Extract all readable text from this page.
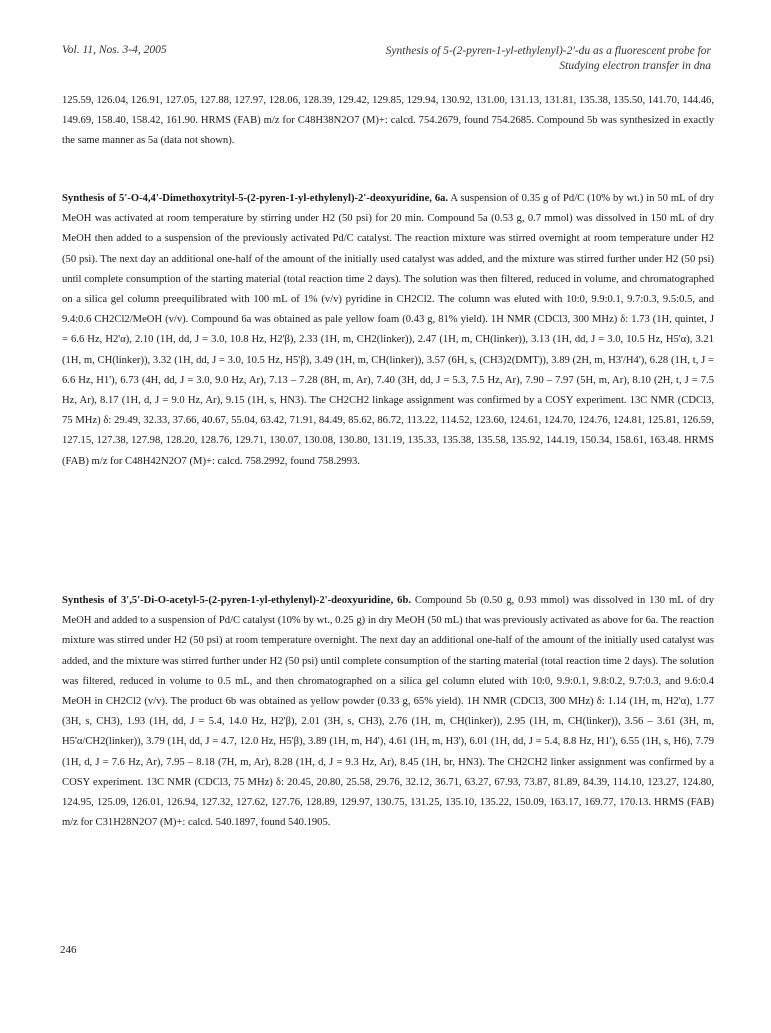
Vol. 11, Nos. 3-4, 2005	Synthesis of 5-(2-pyren-1-yl-ethylenyl)-2'-du as a fluorescent probe for
Studying electron transfer in dna

125.59, 126.04, 126.91, 127.05, 127.88, 127.97, 128.06, 128.39, 129.42, 129.85, 129.94, 130.92, 131.00, 131.13, 131.81, 135.38, 135.50, 141.70, 144.46, 149.69, 158.40, 158.42, 161.90. HRMS (FAB) m/z for C48H38N2O7 (M)+: calcd. 754.2679, found 754.2685. Compound 5b was synthesized in exactly the same manner as 5a (data not shown).

Synthesis of 5'-O-4,4'-Dimethoxytrityl-5-(2-pyren-1-yl-ethylenyl)-2'-deoxyuridine, 6a. A suspension of 0.35 g of Pd/C (10% by wt.) in 50 mL of dry MeOH was activated at room temperature by stirring under H2 (50 psi) for 20 min. Compound 5a (0.53 g, 0.7 mmol) was dissolved in 150 mL of dry MeOH then added to a suspension of the previously activated Pd/C catalyst. The reaction mixture was stirred overnight at room temperature under H2 (50 psi). The next day an additional one-half of the amount of the initially used catalyst was added, and the mixture was stirred further under H2 (50 psi) until complete consumption of the starting material (total reaction time 2 days). The solution was then filtered, reduced in volume, and chromatographed on a silica gel column preequilibrated with 100 mL of 1% (v/v) pyridine in CH2Cl2. The column was eluted with 10:0, 9.9:0.1, 9.7:0.3, 9.5:0.5, and 9.4:0.6 CH2Cl2/MeOH (v/v). Compound 6a was obtained as pale yellow foam (0.43 g, 81% yield). 1H NMR (CDCl3, 300 MHz) δ: 1.73 (1H, quintet, J = 6.6 Hz, H2'α), 2.10 (1H, dd, J = 3.0, 10.8 Hz, H2'β), 2.33 (1H, m, CH2(linker)), 2.47 (1H, m, CH(linker)), 3.13 (1H, dd, J = 3.0, 10.5 Hz, H5'α), 3.21 (1H, m, CH(linker)), 3.32 (1H, dd, J = 3.0, 10.5 Hz, H5'β), 3.49 (1H, m, CH(linker)), 3.57 (6H, s, (CH3)2(DMT)), 3.89 (2H, m, H3'/H4'), 6.28 (1H, t, J = 6.6 Hz, H1'), 6.73 (4H, dd, J = 3.0, 9.0 Hz, Ar), 7.13 – 7.28 (8H, m, Ar), 7.40 (3H, dd, J = 5.3, 7.5 Hz, Ar), 7.90 – 7.97 (5H, m, Ar), 8.10 (2H, t, J = 7.5 Hz, Ar), 8.17 (1H, d, J = 9.0 Hz, Ar), 9.15 (1H, s, HN3). The CH2CH2 linkage assignment was confirmed by a COSY experiment. 13C NMR (CDCl3, 75 MHz) δ: 29.49, 32.33, 37.66, 40.67, 55.04, 63.42, 71.91, 84.49, 85.62, 86.72, 113.22, 114.52, 123.60, 124.61, 124.70, 124.76, 124.81, 125.81, 126.59, 127.15, 127.38, 127.98, 128.20, 128.76, 129.71, 130.07, 130.08, 130.80, 131.19, 135.33, 135.38, 135.58, 135.92, 144.19, 150.34, 158.61, 163.48. HRMS (FAB) m/z for C48H42N2O7 (M)+: calcd. 758.2992, found 758.2993.

Synthesis of 3',5'-Di-O-acetyl-5-(2-pyren-1-yl-ethylenyl)-2'-deoxyuridine, 6b. Compound 5b (0.50 g, 0.93 mmol) was dissolved in 130 mL of dry MeOH and added to a suspension of Pd/C catalyst (10% by wt., 0.25 g) in dry MeOH (50 mL) that was previously activated as above for 6a. The reaction mixture was stirred under H2 (50 psi) at room temperature overnight. The next day an additional one-half of the amount of the initially used catalyst was added, and the mixture was stirred further under H2 (50 psi) until complete consumption of the starting material (total reaction time 2 days). The solution was filtered, reduced in volume to 0.5 mL, and then chromatographed on a silica gel column eluted with 10:0, 9.9:0.1, 9.8:0.2, 9.7:0.3, and 9.6:0.4 MeOH in CH2Cl2 (v/v). The product 6b was obtained as yellow powder (0.33 g, 65% yield). 1H NMR (CDCl3, 300 MHz) δ: 1.14 (1H, m, H2'α), 1.77 (3H, s, CH3), 1.93 (1H, dd, J = 5.4, 14.0 Hz, H2'β), 2.01 (3H, s, CH3), 2.76 (1H, m, CH(linker)), 2.95 (1H, m, CH(linker)), 3.56 – 3.61 (3H, m, H5'α/CH2(linker)), 3.79 (1H, dd, J = 4.7, 12.0 Hz, H5'β), 3.89 (1H, m, H4'), 4.61 (1H, m, H3'), 6.01 (1H, dd, J = 5.4, 8.8 Hz, H1'), 6.55 (1H, s, H6), 7.79 (1H, d, J = 7.6 Hz, Ar), 7.95 – 8.18 (7H, m, Ar), 8.28 (1H, d, J = 9.3 Hz, Ar), 8.45 (1H, br, HN3). The CH2CH2 linker assignment was confirmed by a COSY experiment. 13C NMR (CDCl3, 75 MHz) δ: 20.45, 20.80, 25.58, 29.76, 32.12, 36.71, 63.27, 67.93, 73.87, 81.89, 84.39, 114.10, 123.27, 124.80, 124.95, 125.09, 126.01, 126.94, 127.32, 127.62, 127.76, 128.89, 129.97, 130.75, 131.25, 135.10, 135.22, 150.09, 163.17, 169.77, 170.13. HRMS (FAB) m/z for C31H28N2O7 (M)+: calcd. 540.1897, found 540.1905.

246
